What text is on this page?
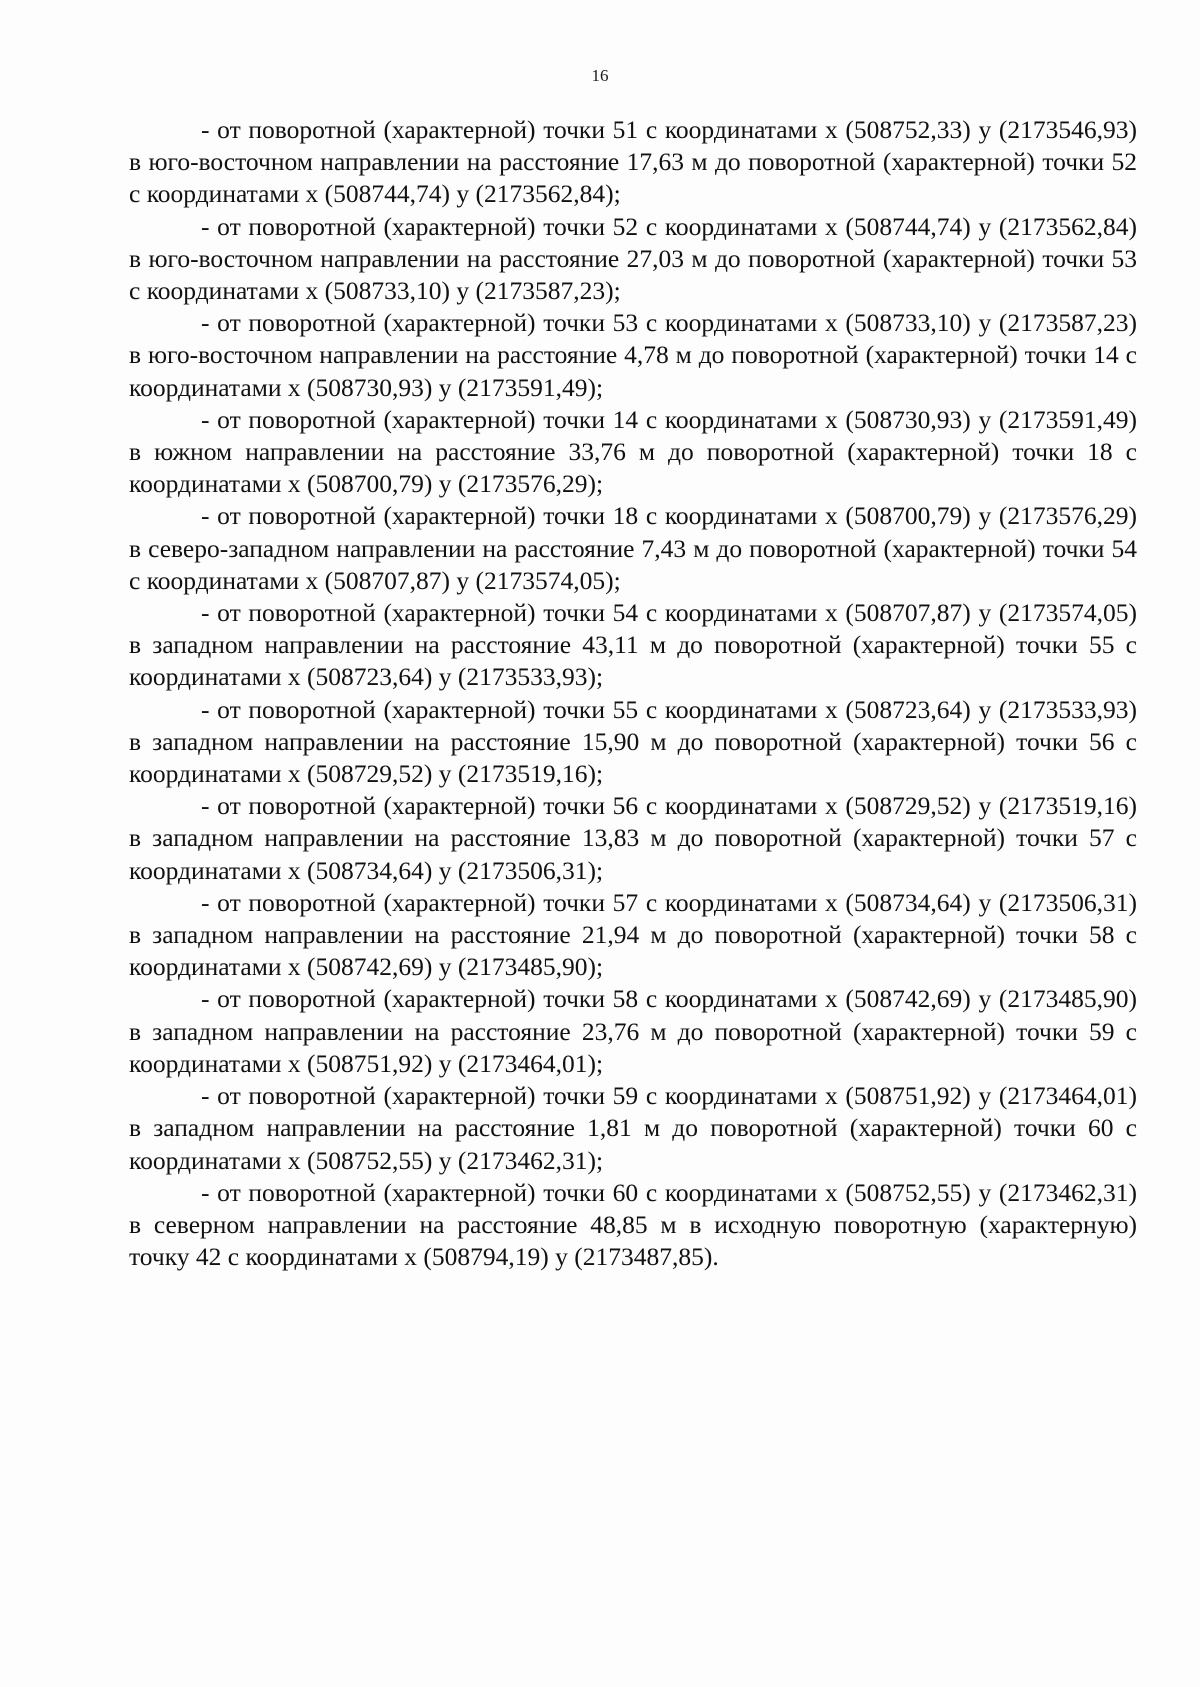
16

- от поворотной (характерной) точки 51 с координатами х (508752,33) у (2173546,93) в юго-восточном направлении на расстояние 17,63 м до поворотной (характерной) точки 52 с координатами х (508744,74) у (2173562,84);

- от поворотной (характерной) точки 52 с координатами х (508744,74) у (2173562,84) в юго-восточном направлении на расстояние 27,03 м до поворотной (характерной) точки 53 с координатами х (508733,10) у (2173587,23);

- от поворотной (характерной) точки 53 с координатами х (508733,10) у (2173587,23) в юго-восточном направлении на расстояние 4,78 м до поворотной (характерной) точки 14 с координатами х (508730,93) у (2173591,49);

- от поворотной (характерной) точки 14 с координатами х (508730,93) у (2173591,49) в южном направлении на расстояние 33,76 м до поворотной (характерной) точки 18 с координатами х (508700,79) у (2173576,29);

- от поворотной (характерной) точки 18 с координатами х (508700,79) у (2173576,29) в северо-западном направлении на расстояние 7,43 м до поворотной (характерной) точки 54 с координатами х (508707,87) у (2173574,05);

- от поворотной (характерной) точки 54 с координатами х (508707,87) у (2173574,05) в западном направлении на расстояние 43,11 м до поворотной (характерной) точки 55 с координатами х (508723,64) у (2173533,93);

- от поворотной (характерной) точки 55 с координатами х (508723,64) у (2173533,93) в западном направлении на расстояние 15,90 м до поворотной (характерной) точки 56 с координатами х (508729,52) у (2173519,16);

- от поворотной (характерной) точки 56 с координатами х (508729,52) у (2173519,16) в западном направлении на расстояние 13,83 м до поворотной (характерной) точки 57 с координатами х (508734,64) у (2173506,31);

- от поворотной (характерной) точки 57 с координатами х (508734,64) у (2173506,31) в западном направлении на расстояние 21,94 м до поворотной (характерной) точки 58 с координатами х (508742,69) у (2173485,90);

- от поворотной (характерной) точки 58 с координатами х (508742,69) у (2173485,90) в западном направлении на расстояние 23,76 м до поворотной (характерной) точки 59 с координатами х (508751,92) у (2173464,01);

- от поворотной (характерной) точки 59 с координатами х (508751,92) у (2173464,01) в западном направлении на расстояние 1,81 м до поворотной (характерной) точки 60 с координатами х (508752,55) у (2173462,31);

- от поворотной (характерной) точки 60 с координатами х (508752,55) у (2173462,31) в северном направлении на расстояние 48,85 м в исходную поворотную (характерную) точку 42 с координатами х (508794,19) у (2173487,85).
